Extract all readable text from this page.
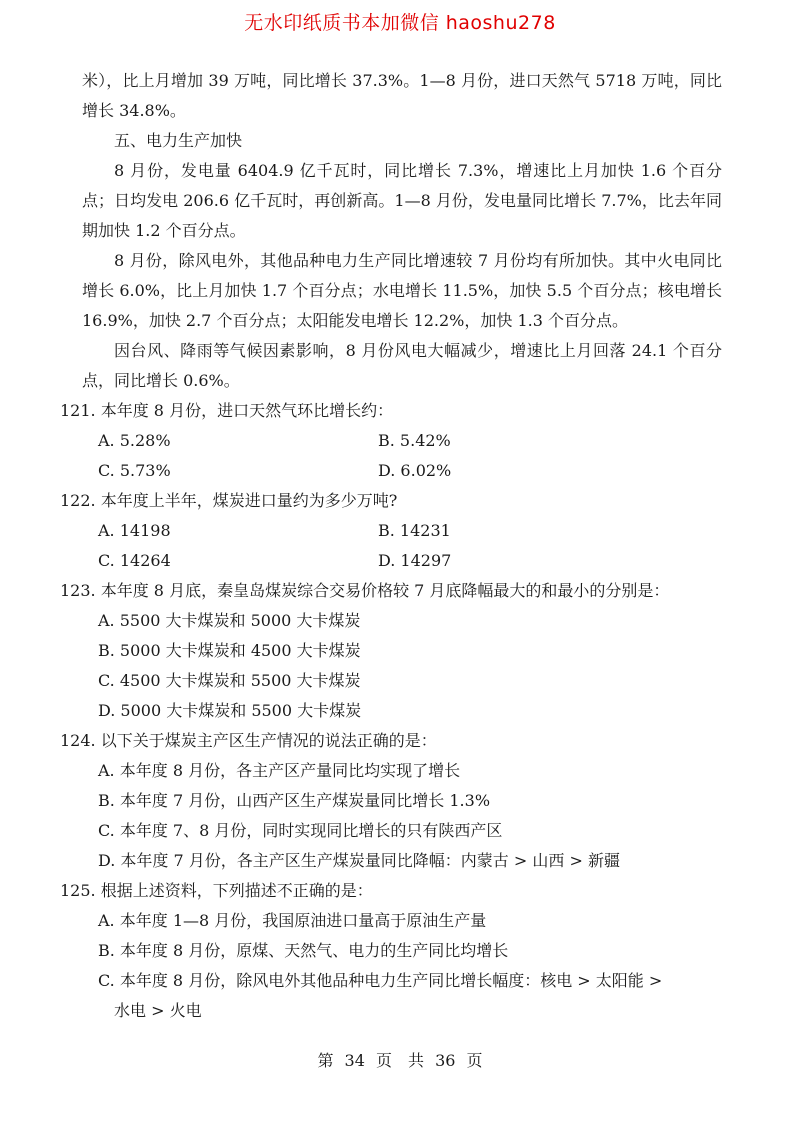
无水印纸质书本加微信 haoshu278

米），比上月增加 39 万吨，同比增长 37.3%。1—8 月份，进口天然气 5718 万吨，同比增长 34.8%。

五、电力生产加快

8 月份，发电量 6404.9 亿千瓦时，同比增长 7.3%，增速比上月加快 1.6 个百分点；日均发电 206.6 亿千瓦时，再创新高。1—8 月份，发电量同比增长 7.7%，比去年同期加快 1.2 个百分点。

8 月份，除风电外，其他品种电力生产同比增速较 7 月份均有所加快。其中火电同比增长 6.0%，比上月加快 1.7 个百分点；水电增长 11.5%，加快 5.5 个百分点；核电增长 16.9%，加快 2.7 个百分点；太阳能发电增长 12.2%，加快 1.3 个百分点。

因台风、降雨等气候因素影响，8 月份风电大幅减少，增速比上月回落 24.1 个百分点，同比增长 0.6%。

121. 本年度 8 月份，进口天然气环比增长约：

A. 5.28%	B. 5.42%
C. 5.73%	D. 6.02%

122. 本年度上半年，煤炭进口量约为多少万吨?

A. 14198	B. 14231
C. 14264	D. 14297

123. 本年度 8 月底，秦皇岛煤炭综合交易价格较 7 月底降幅最大的和最小的分别是：

A. 5500 大卡煤炭和 5000 大卡煤炭
B. 5000 大卡煤炭和 4500 大卡煤炭
C. 4500 大卡煤炭和 5500 大卡煤炭
D. 5000 大卡煤炭和 5500 大卡煤炭

124. 以下关于煤炭主产区生产情况的说法正确的是：

A. 本年度 8 月份，各主产区产量同比均实现了增长
B. 本年度 7 月份，山西产区生产煤炭量同比增长 1.3%
C. 本年度 7、8 月份，同时实现同比增长的只有陕西产区
D. 本年度 7 月份，各主产区生产煤炭量同比降幅：内蒙古 > 山西 > 新疆

125. 根据上述资料，下列描述不正确的是：

A. 本年度 1—8 月份，我国原油进口量高于原油生产量
B. 本年度 8 月份，原煤、天然气、电力的生产同比均增长
C. 本年度 8 月份，除风电外其他品种电力生产同比增长幅度：核电 > 太阳能 >
水电 > 火电
第 34 页　共 36 页
